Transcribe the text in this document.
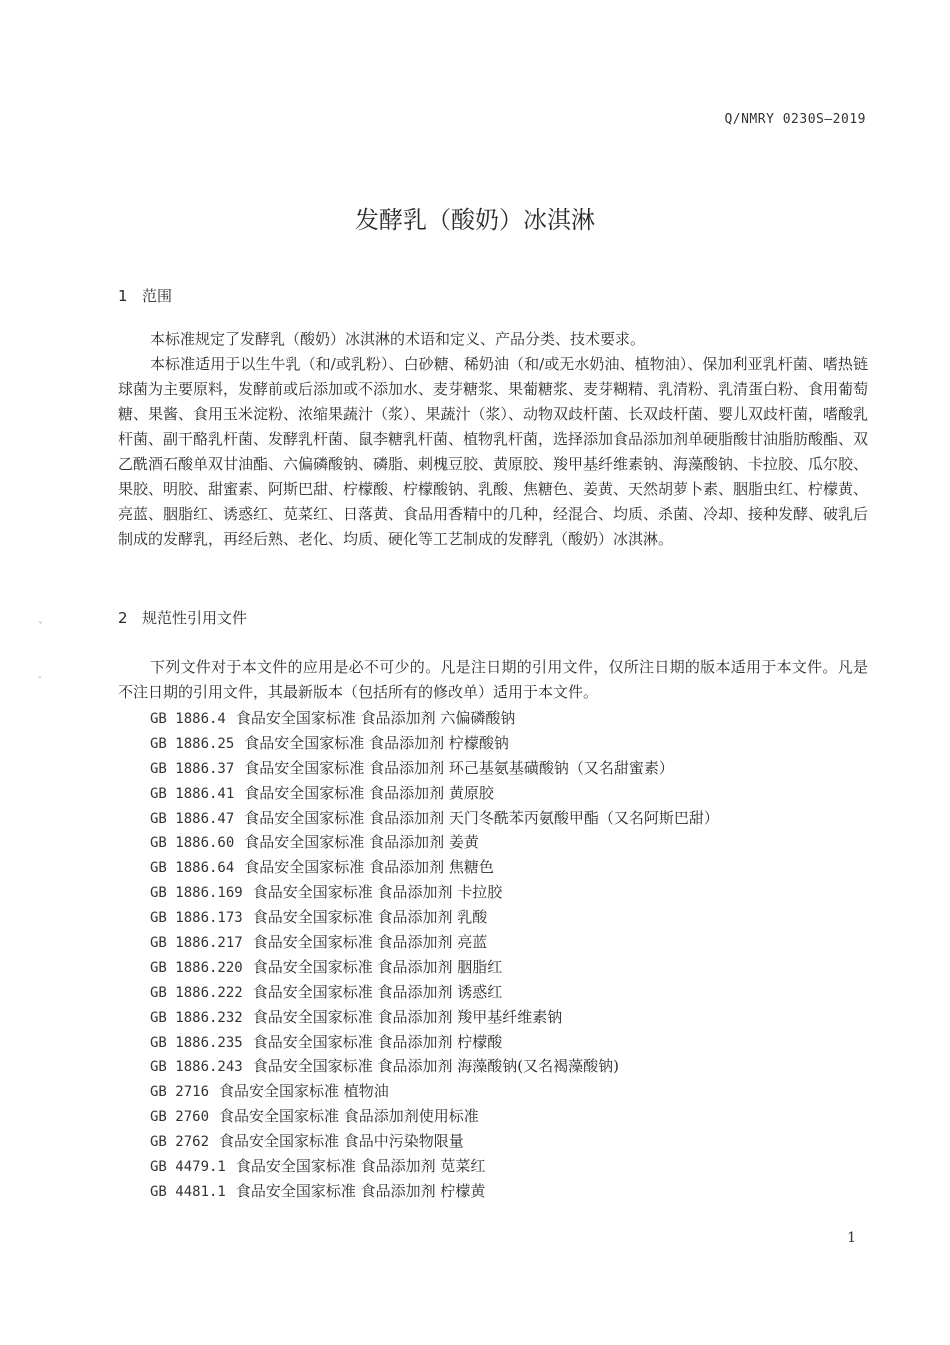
Q/NMRY 0230S—2019
发酵乳（酸奶）冰淇淋
1 范围

本标准规定了发酵乳（酸奶）冰淇淋的术语和定义、产品分类、技术要求。

本标准适用于以生牛乳（和/或乳粉）、白砂糖、稀奶油（和/或无水奶油、植物油）、保加利亚乳杆菌、嗜热链球菌为主要原料，发酵前或后添加或不添加水、麦芽糖浆、果葡糖浆、麦芽糊精、乳清粉、乳清蛋白粉、食用葡萄糖、果酱、食用玉米淀粉、浓缩果蔬汁（浆）、果蔬汁（浆）、动物双歧杆菌、长双歧杆菌、婴儿双歧杆菌，嗜酸乳杆菌、副干酪乳杆菌、发酵乳杆菌、鼠李糖乳杆菌、植物乳杆菌，选择添加食品添加剂单硬脂酸甘油脂肪酸酯、双乙酰酒石酸单双甘油酯、六偏磷酸钠、磷脂、刺槐豆胶、黄原胶、羧甲基纤维素钠、海藻酸钠、卡拉胶、瓜尔胶、果胶、明胶、甜蜜素、阿斯巴甜、柠檬酸、柠檬酸钠、乳酸、焦糖色、姜黄、天然胡萝卜素、胭脂虫红、柠檬黄、亮蓝、胭脂红、诱惑红、苋菜红、日落黄、食品用香精中的几种，经混合、均质、杀菌、冷却、接种发酵、破乳后制成的发酵乳，再经后熟、老化、均质、硬化等工艺制成的发酵乳（酸奶）冰淇淋。

2 规范性引用文件

下列文件对于本文件的应用是必不可少的。凡是注日期的引用文件，仅所注日期的版本适用于本文件。凡是不注日期的引用文件，其最新版本（包括所有的修改单）适用于本文件。

GB 1886.4 食品安全国家标准 食品添加剂 六偏磷酸钠
GB 1886.25 食品安全国家标准 食品添加剂 柠檬酸钠
GB 1886.37 食品安全国家标准 食品添加剂 环己基氨基磺酸钠（又名甜蜜素）
GB 1886.41 食品安全国家标准 食品添加剂 黄原胶
GB 1886.47 食品安全国家标准 食品添加剂 天门冬酰苯丙氨酸甲酯（又名阿斯巴甜）
GB 1886.60 食品安全国家标准 食品添加剂 姜黄
GB 1886.64 食品安全国家标准 食品添加剂 焦糖色
GB 1886.169 食品安全国家标准 食品添加剂 卡拉胶
GB 1886.173 食品安全国家标准 食品添加剂 乳酸
GB 1886.217 食品安全国家标准 食品添加剂 亮蓝
GB 1886.220 食品安全国家标准 食品添加剂 胭脂红
GB 1886.222 食品安全国家标准 食品添加剂 诱惑红
GB 1886.232 食品安全国家标准 食品添加剂 羧甲基纤维素钠
GB 1886.235 食品安全国家标准 食品添加剂 柠檬酸
GB 1886.243 食品安全国家标准 食品添加剂 海藻酸钠(又名褐藻酸钠)
GB 2716 食品安全国家标准 植物油
GB 2760 食品安全国家标准 食品添加剂使用标准
GB 2762 食品安全国家标准 食品中污染物限量
GB 4479.1 食品安全国家标准 食品添加剂 苋菜红
GB 4481.1 食品安全国家标准 食品添加剂 柠檬黄
ˇ
-
1
